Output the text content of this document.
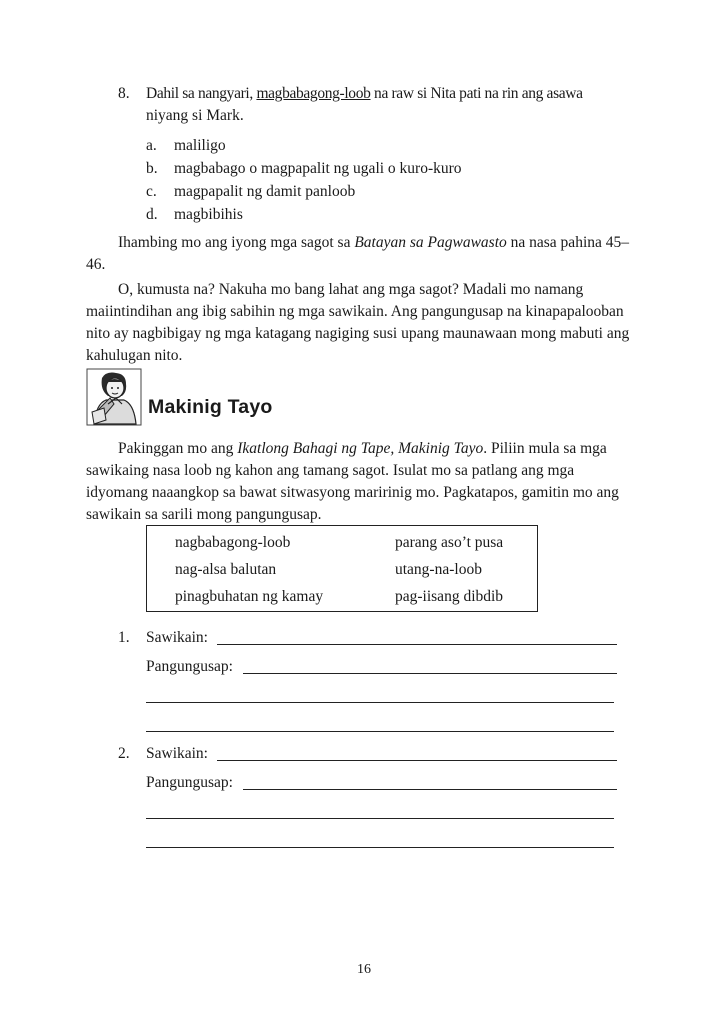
8. Dahil sa nangyari, magbabagong-loob na raw si Nita pati na rin ang asawa
niyang si Mark.
a. maliligo
b. magbabago o magpapalit ng ugali o kuro-kuro
c. magpapalit ng damit panloob
d. magbibihis
Ihambing mo ang iyong mga sagot sa Batayan sa Pagwawasto na nasa pahina 45–46.
O, kumusta na? Nakuha mo bang lahat ang mga sagot? Madali mo namang maiintindihan ang ibig sabihin ng mga sawikain. Ang pangungusap na kinapapalooban nito ay nagbibigay ng mga katagang nagiging susi upang maunawaan mong mabuti ang kahulugan nito.
Makinig Tayo
Pakinggan mo ang Ikatlong Bahagi ng Tape, Makinig Tayo. Piliin mula sa mga sawikaing nasa loob ng kahon ang tamang sagot. Isulat mo sa patlang ang mga idyomang naaangkop sa bawat sitwasyong maririnig mo. Pagkatapos, gamitin mo ang sawikain sa sarili mong pangungusap.
nagbabagong-loob
nag-alsa balutan
pinagbuhatan ng kamay
parang aso’t pusa
utang-na-loob
pag-iisang dibdib
1. Sawikain:
Pangungusap:
2. Sawikain:
Pangungusap:
16
